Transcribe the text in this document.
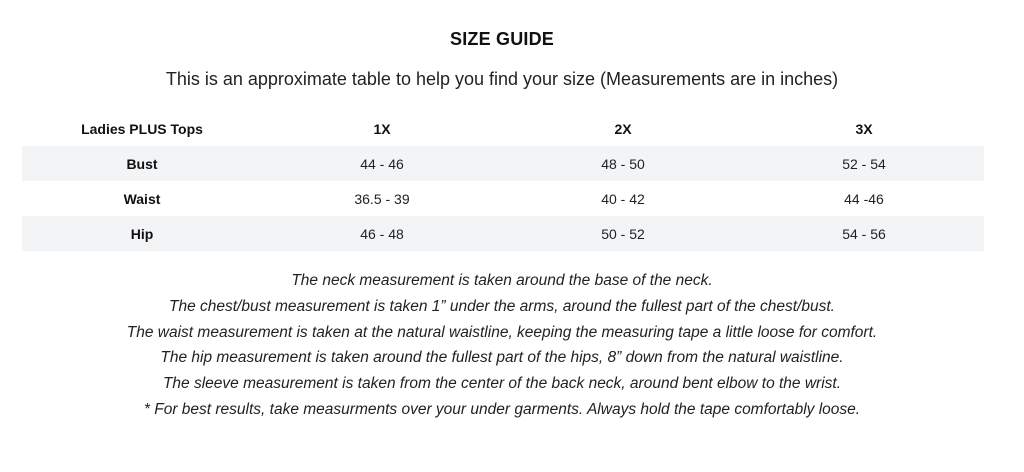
SIZE GUIDE
This is an approximate table to help you find your size (Measurements are in inches)
Ladies PLUS Tops	1X	2X	3X
Bust	44 - 46	48 - 50	52 - 54
Waist	36.5 - 39	40 - 42	44 -46
Hip	46 - 48	50 - 52	54 - 56

The neck measurement is taken around the base of the neck.

The chest/bust measurement is taken 1” under the arms, around the fullest part of the chest/bust.

The waist measurement is taken at the natural waistline, keeping the measuring tape a little loose for comfort.

The hip measurement is taken around the fullest part of the hips, 8” down from the natural waistline.

The sleeve measurement is taken from the center of the back neck, around bent elbow to the wrist.

* For best results, take measurments over your under garments. Always hold the tape comfortably loose.
